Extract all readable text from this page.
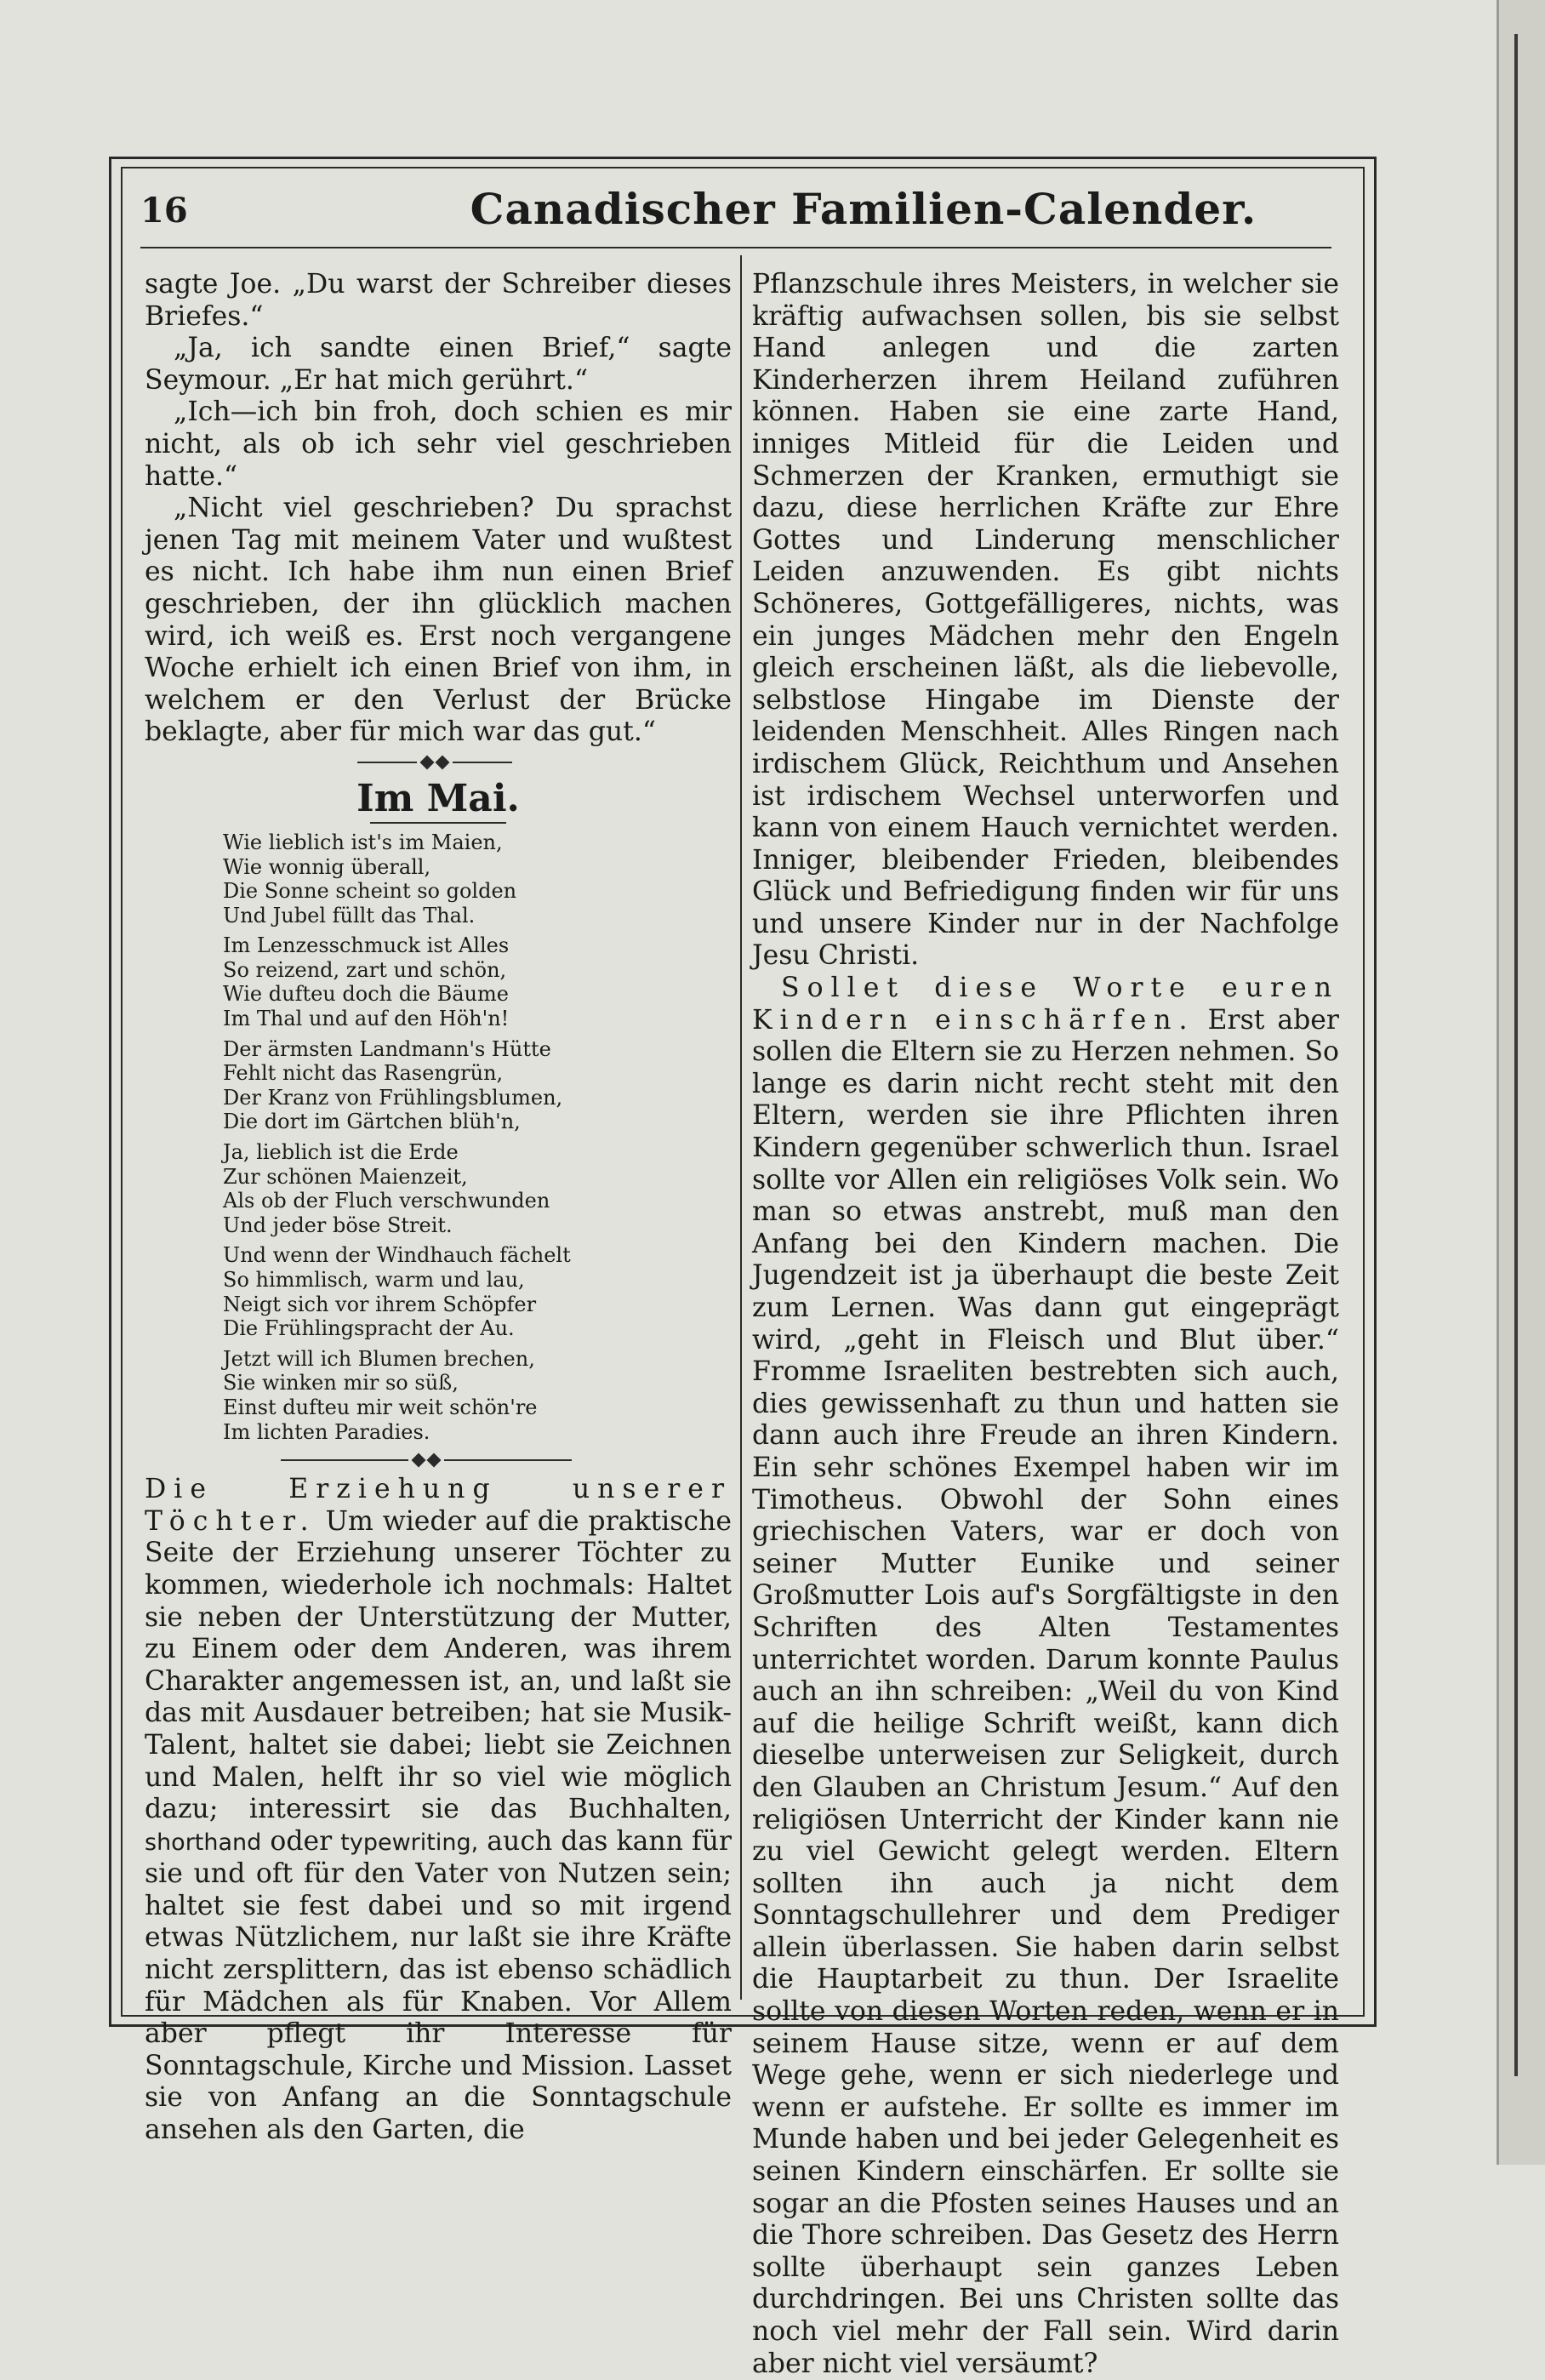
16	Canadischer Familien-Calender.

sagte Joe. „Du warst der Schreiber dieses Briefes.“

„Ja, ich sandte einen Brief,“ sagte Seymour. „Er hat mich gerührt.“

„Ich—ich bin froh, doch schien es mir nicht, als ob ich sehr viel geschrieben hatte.“

„Nicht viel geschrieben? Du sprachst jenen Tag mit meinem Vater und wußtest es nicht. Ich habe ihm nun einen Brief geschrieben, der ihn glücklich machen wird, ich weiß es. Erst noch vergangene Woche erhielt ich einen Brief von ihm, in welchem er den Verlust der Brücke beklagte, aber für mich war das gut.“

Im Mai.
Wie lieblich ist's im Maien,
Wie wonnig überall,
Die Sonne scheint so golden
Und Jubel füllt das Thal.
Im Lenzesschmuck ist Alles
So reizend, zart und schön,
Wie dufteu doch die Bäume
Im Thal und auf den Höh'n!
Der ärmsten Landmann's Hütte
Fehlt nicht das Rasengrün,
Der Kranz von Frühlingsblumen,
Die dort im Gärtchen blüh'n,
Ja, lieblich ist die Erde
Zur schönen Maienzeit,
Als ob der Fluch verschwunden
Und jeder böse Streit.
Und wenn der Windhauch fächelt
So himmlisch, warm und lau,
Neigt sich vor ihrem Schöpfer
Die Frühlingspracht der Au.
Jetzt will ich Blumen brechen,
Sie winken mir so süß,
Einst dufteu mir weit schön're
Im lichten Paradies.

Die Erziehung unserer Töchter. Um wieder auf die praktische Seite der Erziehung unserer Töchter zu kommen, wiederhole ich nochmals: Haltet sie neben der Unterstützung der Mutter, zu Einem oder dem Anderen, was ihrem Charakter angemessen ist, an, und laßt sie das mit Ausdauer betreiben; hat sie Musik-Talent, haltet sie dabei; liebt sie Zeichnen und Malen, helft ihr so viel wie möglich dazu; interessirt sie das Buchhalten, shorthand oder typewriting, auch das kann für sie und oft für den Vater von Nutzen sein; haltet sie fest dabei und so mit irgend etwas Nützlichem, nur laßt sie ihre Kräfte nicht zersplittern, das ist ebenso schädlich für Mädchen als für Knaben. Vor Allem aber pflegt ihr Interesse für Sonntagschule, Kirche und Mission. Lasset sie von Anfang an die Sonntagschule ansehen als den Garten, die

Pflanzschule ihres Meisters, in welcher sie kräftig aufwachsen sollen, bis sie selbst Hand anlegen und die zarten Kinderherzen ihrem Heiland zuführen können. Haben sie eine zarte Hand, inniges Mitleid für die Leiden und Schmerzen der Kranken, ermuthigt sie dazu, diese herrlichen Kräfte zur Ehre Gottes und Linderung menschlicher Leiden anzuwenden. Es gibt nichts Schöneres, Gottgefälligeres, nichts, was ein junges Mädchen mehr den Engeln gleich erscheinen läßt, als die liebevolle, selbstlose Hingabe im Dienste der leidenden Menschheit. Alles Ringen nach irdischem Glück, Reichthum und Ansehen ist irdischem Wechsel unterworfen und kann von einem Hauch vernichtet werden. Inniger, bleibender Frieden, bleibendes Glück und Befriedigung finden wir für uns und unsere Kinder nur in der Nachfolge Jesu Christi.

Sollet diese Worte euren Kindern einschärfen. Erst aber sollen die Eltern sie zu Herzen nehmen. So lange es darin nicht recht steht mit den Eltern, werden sie ihre Pflichten ihren Kindern gegenüber schwerlich thun. Israel sollte vor Allen ein religiöses Volk sein. Wo man so etwas anstrebt, muß man den Anfang bei den Kindern machen. Die Jugendzeit ist ja überhaupt die beste Zeit zum Lernen. Was dann gut eingeprägt wird, „geht in Fleisch und Blut über.“ Fromme Israeliten bestrebten sich auch, dies gewissenhaft zu thun und hatten sie dann auch ihre Freude an ihren Kindern. Ein sehr schönes Exempel haben wir im Timotheus. Obwohl der Sohn eines griechischen Vaters, war er doch von seiner Mutter Eunike und seiner Großmutter Lois auf's Sorgfältigste in den Schriften des Alten Testamentes unterrichtet worden. Darum konnte Paulus auch an ihn schreiben: „Weil du von Kind auf die heilige Schrift weißt, kann dich dieselbe unterweisen zur Seligkeit, durch den Glauben an Christum Jesum.“ Auf den religiösen Unterricht der Kinder kann nie zu viel Gewicht gelegt werden. Eltern sollten ihn auch ja nicht dem Sonntagschullehrer und dem Prediger allein überlassen. Sie haben darin selbst die Hauptarbeit zu thun. Der Israelite sollte von diesen Worten reden, wenn er in seinem Hause sitze, wenn er auf dem Wege gehe, wenn er sich niederlege und wenn er aufstehe. Er sollte es immer im Munde haben und bei jeder Gelegenheit es seinen Kindern einschärfen. Er sollte sie sogar an die Pfosten seines Hauses und an die Thore schreiben. Das Gesetz des Herrn sollte überhaupt sein ganzes Leben durchdringen. Bei uns Christen sollte das noch viel mehr der Fall sein. Wird darin aber nicht viel versäumt?
